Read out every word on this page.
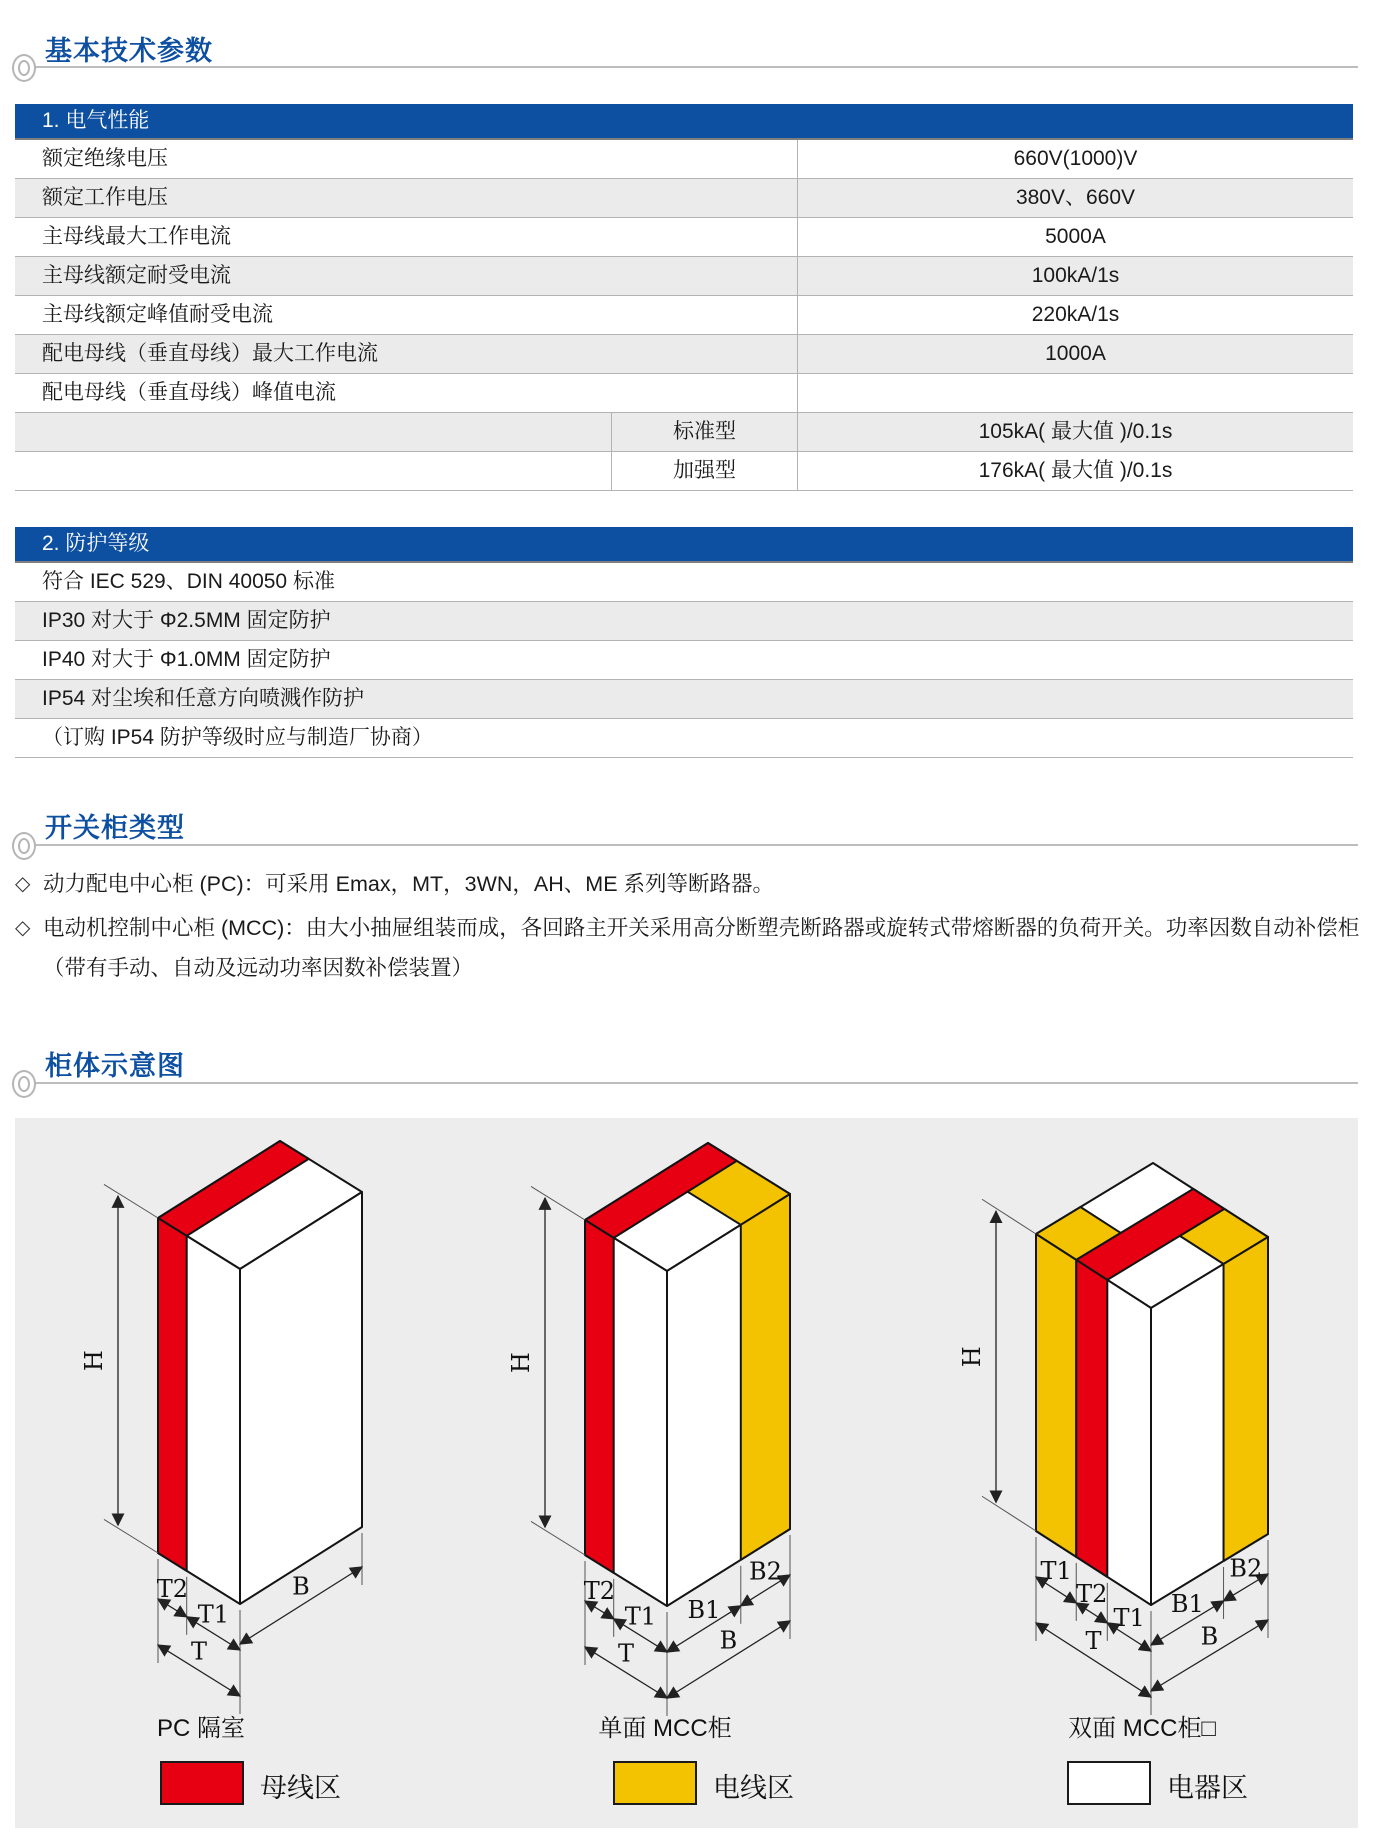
基本技术参数
1. 电气性能
额定绝缘电压	660V(1000)V
额定工作电压	380V、660V
主母线最大工作电流	5000A
主母线额定耐受电流	100kA/1s
主母线额定峰值耐受电流	220kA/1s
配电母线（垂直母线）最大工作电流	1000A
配电母线（垂直母线）峰值电流
标准型	105kA( 最大值 )/0.1s
加强型	176kA( 最大值 )/0.1s
2. 防护等级
符合 IEC 529、DIN 40050 标准
IP30 对大于 Φ2.5MM 固定防护
IP40 对大于 Φ1.0MM 固定防护
IP54 对尘埃和任意方向喷溅作防护
（订购 IP54 防护等级时应与制造厂协商）
开关柜类型
◇ 动力配电中心柜 (PC)：可采用 Emax，MT，3WN，AH、ME 系列等断路器。
◇ 电动机控制中心柜 (MCC)：由大小抽屉组装而成，各回路主开关采用高分断塑壳断路器或旋转式带熔断器的负荷开关。功率因数自动补偿柜（带有手动、自动及远动功率因数补偿装置）
柜体示意图
T2
T1
T
B
H
T2
T1
T
B1
B2
B
H
T1
T2
T1
T
B1
B2
B
H
PC 隔室
母线区
单面 MCC柜
电线区
双面 MCC柜□
电器区
